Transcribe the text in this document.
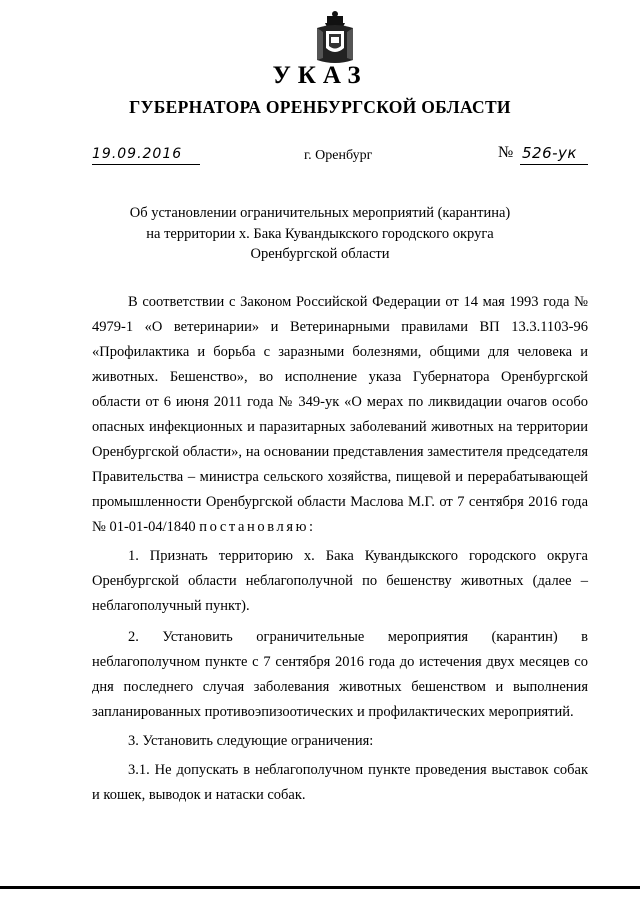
УКАЗ
ГУБЕРНАТОРА ОРЕНБУРГСКОЙ ОБЛАСТИ
19.09.2016	г. Оренбург	№ 526-ук
Об установлении ограничительных мероприятий (карантина)
на территории х. Бака Кувандыкского городского округа
Оренбургской области

В соответствии с Законом Российской Федерации от 14 мая 1993 года № 4979-1 «О ветеринарии» и Ветеринарными правилами ВП 13.3.1103-96 «Профилактика и борьба с заразными болезнями, общими для человека и животных. Бешенство», во исполнение указа Губернатора Оренбургской области от 6 июня 2011 года № 349-ук «О мерах по ликвидации очагов особо опасных инфекционных и паразитарных заболеваний животных на территории Оренбургской области», на основании представления заместителя председателя Правительства – министра сельского хозяйства, пищевой и перерабатывающей промышленности Оренбургской области Маслова М.Г. от 7 сентября 2016 года № 01-01-04/1840 постановляю:

1. Признать территорию х. Бака Кувандыкского городского округа Оренбургской области неблагополучной по бешенству животных (далее – неблагополучный пункт).

2. Установить ограничительные мероприятия (карантин) в неблагополучном пункте с 7 сентября 2016 года до истечения двух месяцев со дня последнего случая заболевания животных бешенством и выполнения запланированных противоэпизоотических и профилактических мероприятий.

3. Установить следующие ограничения:

3.1. Не допускать в неблагополучном пункте проведения выставок собак и кошек, выводок и натаски собак.
